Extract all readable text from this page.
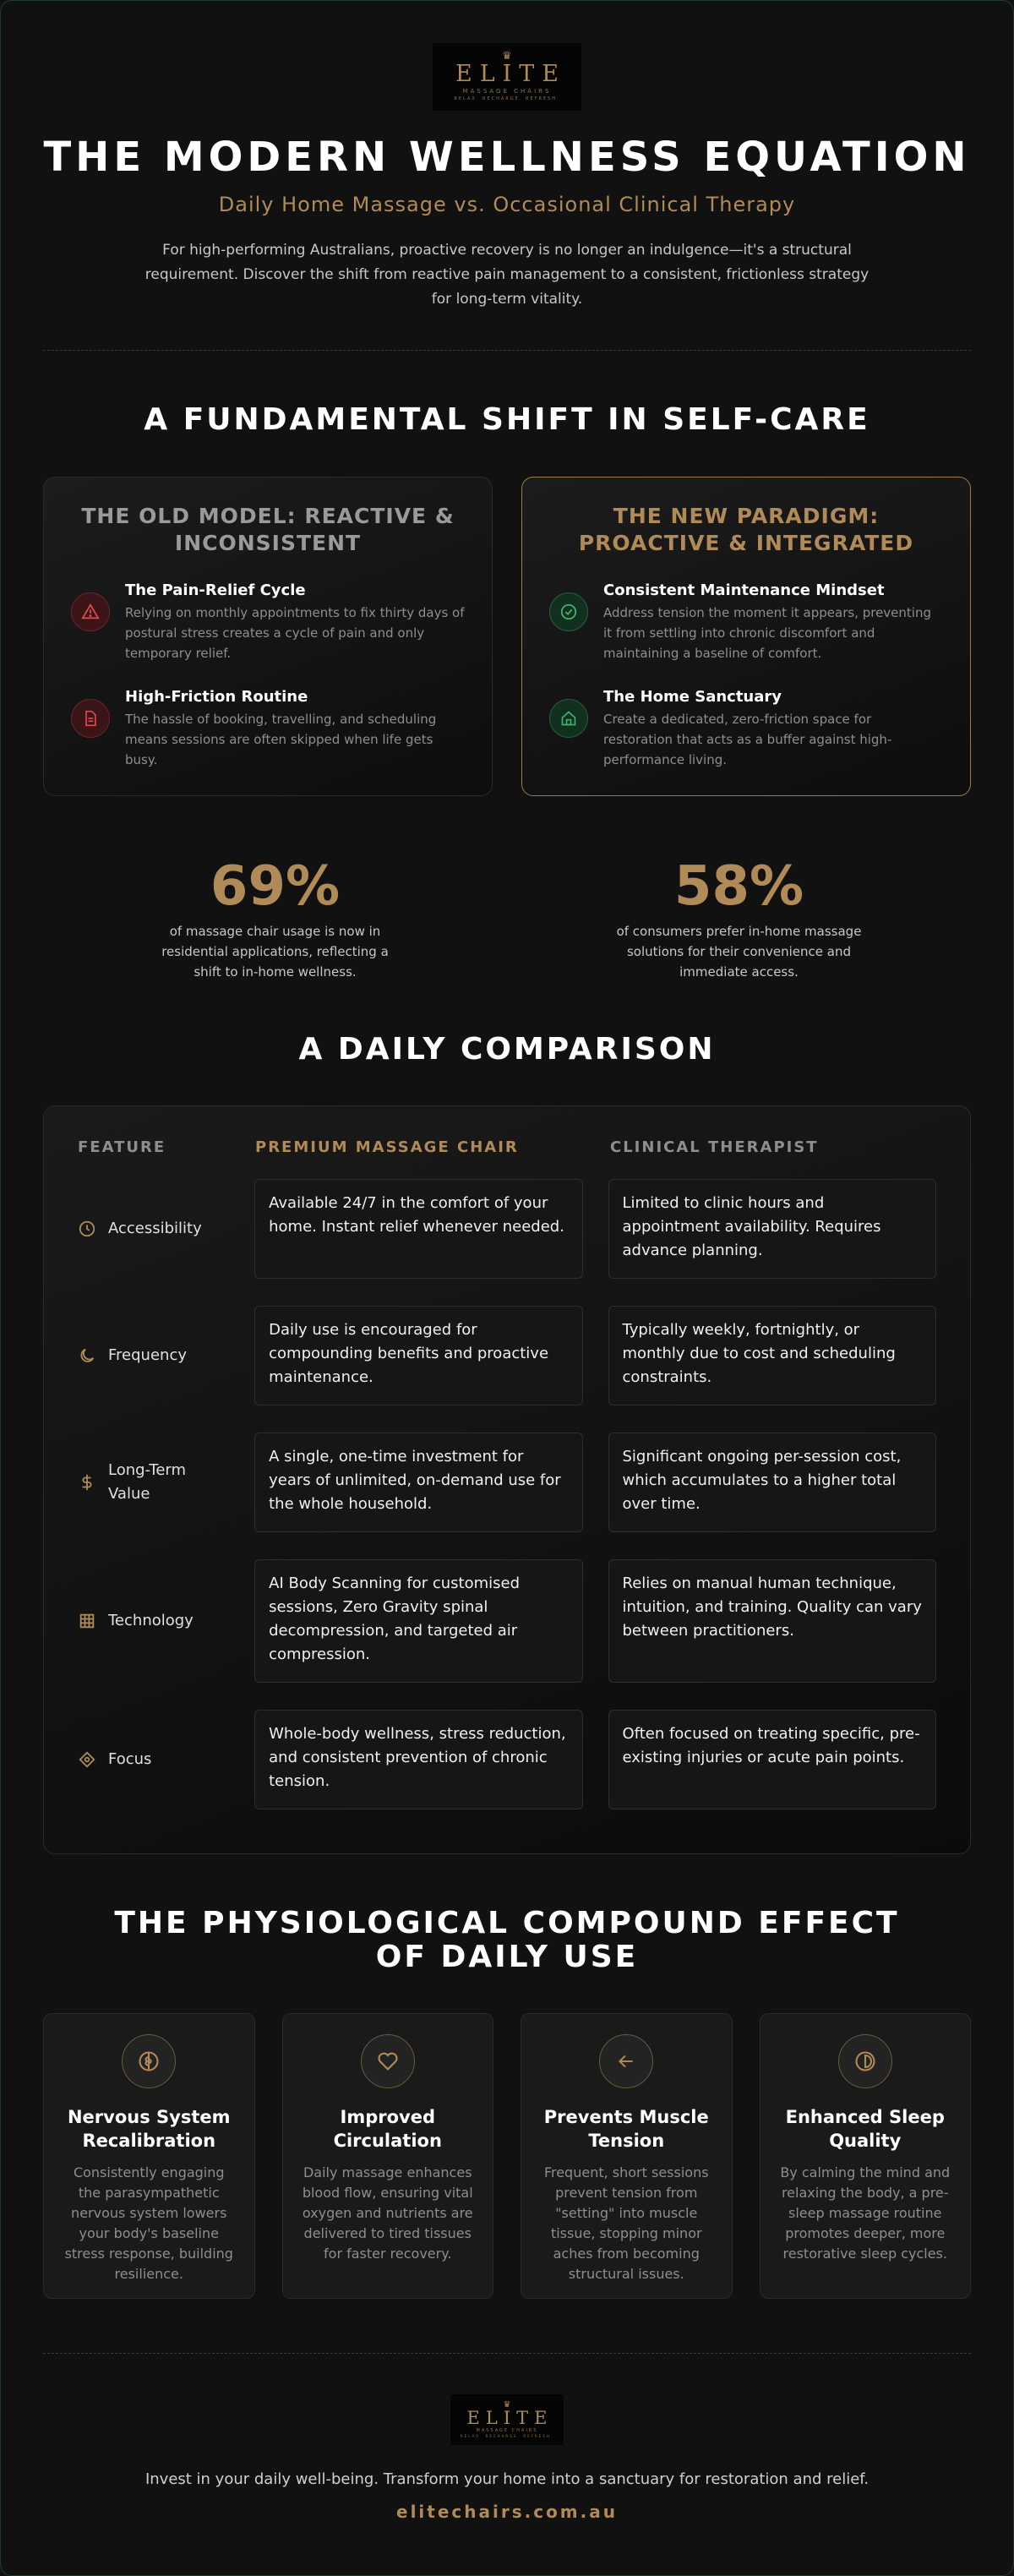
♛
ELITE
MASSAGE CHAIRS
RELAX. RECHARGE. REFRESH.
THE MODERN WELLNESS EQUATION
Daily Home Massage vs. Occasional Clinical Therapy

For high-performing Australians, proactive recovery is no longer an indulgence—it's a structural requirement. Discover the shift from reactive pain management to a consistent, frictionless strategy for long-term vitality.

A FUNDAMENTAL SHIFT IN SELF-CARE
THE OLD MODEL: REACTIVE & INCONSISTENT
The Pain-Relief Cycle
Relying on monthly appointments to fix thirty days of postural stress creates a cycle of pain and only temporary relief.
High-Friction Routine
The hassle of booking, travelling, and scheduling means sessions are often skipped when life gets busy.
THE NEW PARADIGM: PROACTIVE & INTEGRATED
Consistent Maintenance Mindset
Address tension the moment it appears, preventing it from settling into chronic discomfort and maintaining a baseline of comfort.
The Home Sanctuary
Create a dedicated, zero-friction space for restoration that acts as a buffer against high-performance living.
69%
of massage chair usage is now in residential applications, reflecting a shift to in-home wellness.
58%
of consumers prefer in-home massage solutions for their convenience and immediate access.
A DAILY COMPARISON
FEATURE	PREMIUM MASSAGE CHAIR	CLINICAL THERAPIST
Accessibility
Available 24/7 in the comfort of your home. Instant relief whenever needed.
Limited to clinic hours and appointment availability. Requires advance planning.
Frequency
Daily use is encouraged for compounding benefits and proactive maintenance.
Typically weekly, fortnightly, or monthly due to cost and scheduling constraints.
Long-Term Value
A single, one-time investment for years of unlimited, on-demand use for the whole household.
Significant ongoing per-session cost, which accumulates to a higher total over time.
Technology
AI Body Scanning for customised sessions, Zero Gravity spinal decompression, and targeted air compression.
Relies on manual human technique, intuition, and training. Quality can vary between practitioners.
Focus
Whole-body wellness, stress reduction, and consistent prevention of chronic tension.
Often focused on treating specific, pre-existing injuries or acute pain points.
THE PHYSIOLOGICAL COMPOUND EFFECT OF DAILY USE
Nervous System Recalibration
Consistently engaging the parasympathetic nervous system lowers your body's baseline stress response, building resilience.
Improved Circulation
Daily massage enhances blood flow, ensuring vital oxygen and nutrients are delivered to tired tissues for faster recovery.
Prevents Muscle Tension
Frequent, short sessions prevent tension from "setting" into muscle tissue, stopping minor aches from becoming structural issues.
Enhanced Sleep Quality
By calming the mind and relaxing the body, a pre-sleep massage routine promotes deeper, more restorative sleep cycles.
♛
ELITE
MASSAGE CHAIRS
RELAX. RECHARGE. REFRESH.

Invest in your daily well-being. Transform your home into a sanctuary for restoration and relief.

elitechairs.com.au
